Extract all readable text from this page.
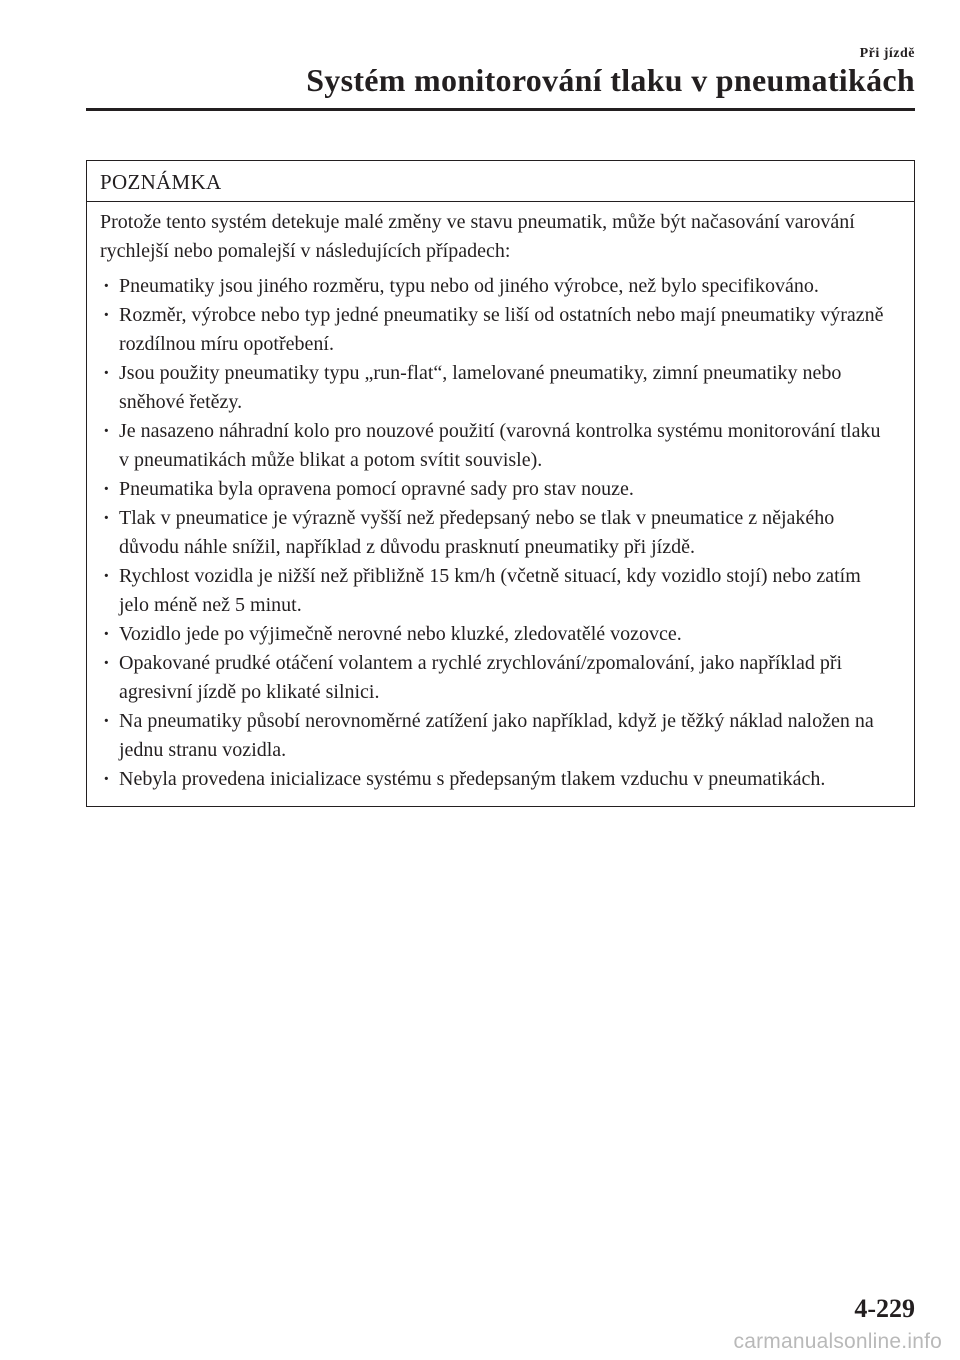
Při jízdě
Systém monitorování tlaku v pneumatikách
POZNÁMKA

Protože tento systém detekuje malé změny ve stavu pneumatik, může být načasování varování rychlejší nebo pomalejší v následujících případech:

· Pneumatiky jsou jiného rozměru, typu nebo od jiného výrobce, než bylo specifikováno.
· Rozměr, výrobce nebo typ jedné pneumatiky se liší od ostatních nebo mají pneumatiky výrazně rozdílnou míru opotřebení.
· Jsou použity pneumatiky typu „run-flat“, lamelované pneumatiky, zimní pneumatiky nebo sněhové řetězy.
· Je nasazeno náhradní kolo pro nouzové použití (varovná kontrolka systému monitorování tlaku v pneumatikách může blikat a potom svítit souvisle).
· Pneumatika byla opravena pomocí opravné sady pro stav nouze.
· Tlak v pneumatice je výrazně vyšší než předepsaný nebo se tlak v pneumatice z nějakého důvodu náhle snížil, například z důvodu prasknutí pneumatiky při jízdě.
· Rychlost vozidla je nižší než přibližně 15 km/h (včetně situací, kdy vozidlo stojí) nebo zatím jelo méně než 5 minut.
· Vozidlo jede po výjimečně nerovné nebo kluzké, zledovatělé vozovce.
· Opakované prudké otáčení volantem a rychlé zrychlování/zpomalování, jako například při agresivní jízdě po klikaté silnici.
· Na pneumatiky působí nerovnoměrné zatížení jako například, když je těžký náklad naložen na jednu stranu vozidla.
· Nebyla provedena inicializace systému s předepsaným tlakem vzduchu v pneumatikách.
4-229
carmanualsonline.info
